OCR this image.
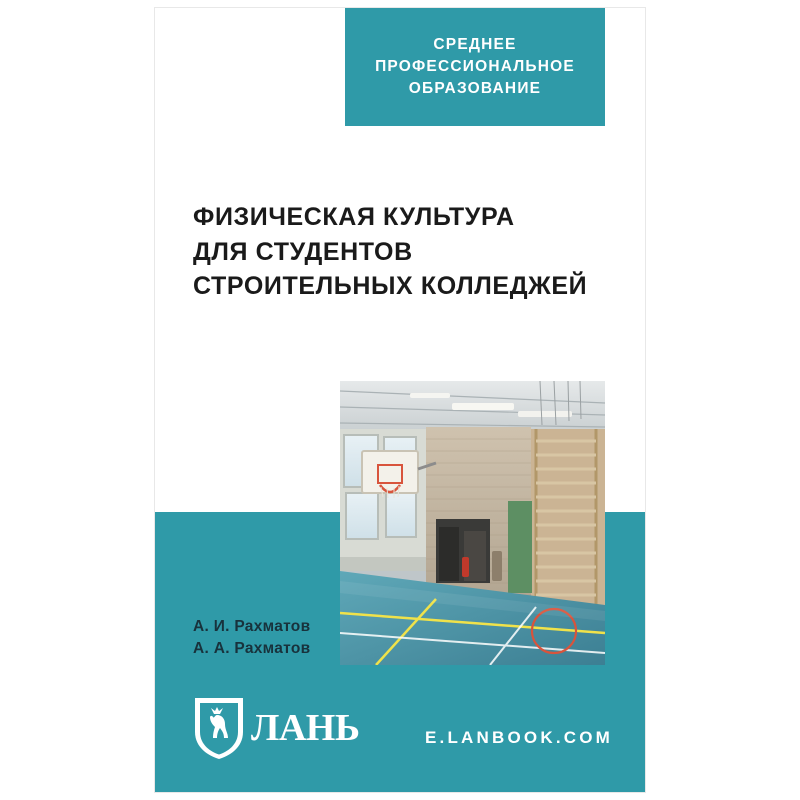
СРЕДНЕЕ
ПРОФЕССИОНАЛЬНОЕ
ОБРАЗОВАНИЕ
ФИЗИЧЕСКАЯ КУЛЬТУРА
ДЛЯ СТУДЕНТОВ
СТРОИТЕЛЬНЫХ КОЛЛЕДЖЕЙ
А. И. Рахматов
А. А. Рахматов
ЛАНЬ	E.LANBOOK.COM
